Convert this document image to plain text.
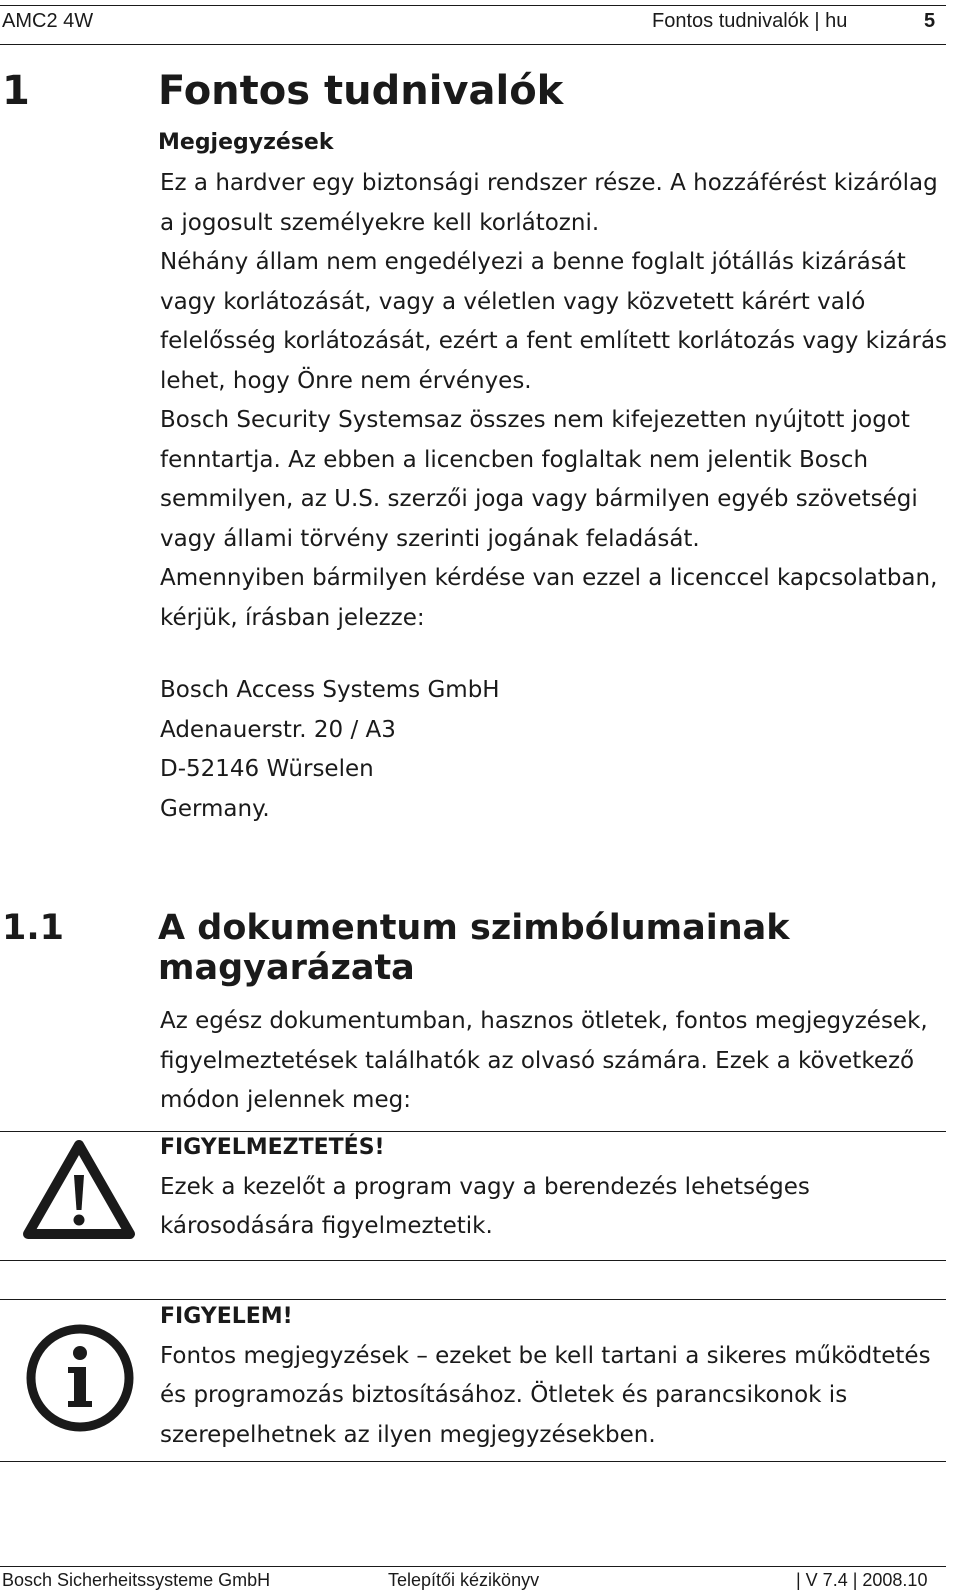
AMC2 4W	Fontos tudnivalók | hu	5
1	Fontos tudnivalók
Megjegyzések

Ez a hardver egy biztonsági rendszer része. A hozzáférést kizárólag a jogosult személyekre kell korlátozni.

Néhány állam nem engedélyezi a benne foglalt jótállás kizárását vagy korlátozását, vagy a véletlen vagy közvetett kárért való felelősség korlátozását, ezért a fent említett korlátozás vagy kizárás lehet, hogy Önre nem érvényes.

Bosch Security Systemsaz összes nem kifejezetten nyújtott jogot fenntartja. Az ebben a licencben foglaltak nem jelentik Bosch semmilyen, az U.S. szerzői joga vagy bármilyen egyéb szövetségi vagy állami törvény szerinti jogának feladását.

Amennyiben bármilyen kérdése van ezzel a licenccel kapcsolatban, kérjük, írásban jelezze:

Bosch Access Systems GmbH
Adenauerstr. 20 / A3
D-52146 Würselen
Germany.
1.1	A dokumentum szimbólumainak
magyarázata
Az egész dokumentumban, hasznos ötletek, fontos megjegyzések, figyelmeztetések találhatók az olvasó számára. Ezek a következő módon jelennek meg:
FIGYELMEZTETÉS!
Ezek a kezelőt a program vagy a berendezés lehetséges károsodására figyelmeztetik.
FIGYELEM!
Fontos megjegyzések – ezeket be kell tartani a sikeres működtetés és programozás biztosításához. Ötletek és parancsikonok is szerepelhetnek az ilyen megjegyzésekben.
Bosch Sicherheitssysteme GmbH	Telepítői kézikönyv	| V 7.4 | 2008.10
